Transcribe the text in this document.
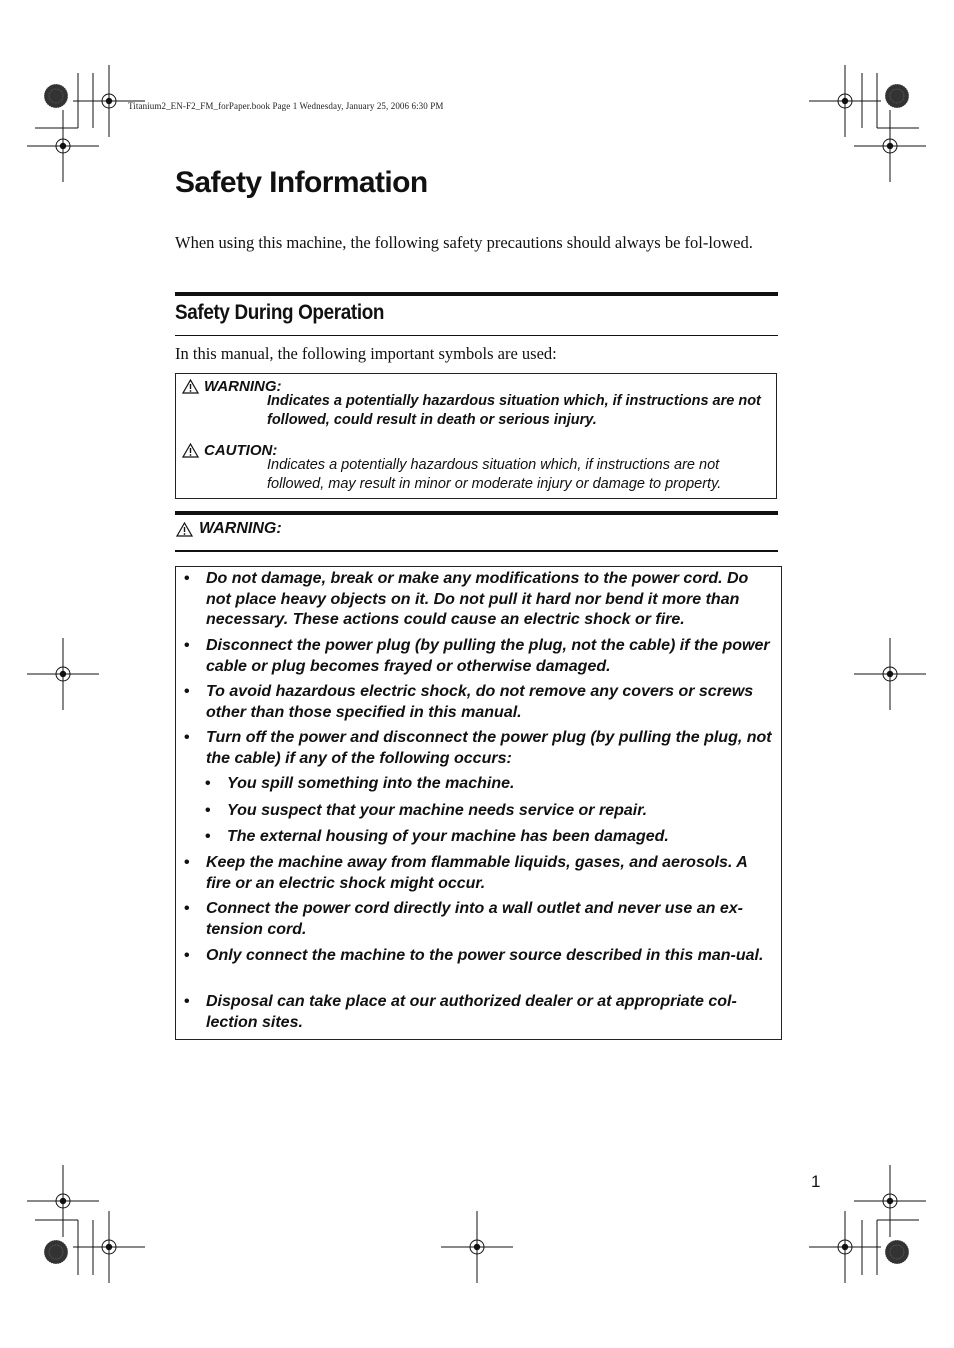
Titanium2_EN-F2_FM_forPaper.book Page 1 Wednesday, January 25, 2006 6:30 PM
Safety Information

When using this machine, the following safety precautions should always be fol-lowed.

Safety During Operation

In this manual, the following important symbols are used:

WARNING:

Indicates a potentially hazardous situation which, if instructions are not followed, could result in death or serious injury.

CAUTION:

Indicates a potentially hazardous situation which, if instructions are not followed, may result in minor or moderate injury or damage to property.

WARNING:
• Do not damage, break or make any modifications to the power cord. Do not place heavy objects on it. Do not pull it hard nor bend it more than necessary. These actions could cause an electric shock or fire.
• Disconnect the power plug (by pulling the plug, not the cable) if the power cable or plug becomes frayed or otherwise damaged.
• To avoid hazardous electric shock, do not remove any covers or screws other than those specified in this manual.
• Turn off the power and disconnect the power plug (by pulling the plug, not the cable) if any of the following occurs:
• You spill something into the machine.
• You suspect that your machine needs service or repair.
• The external housing of your machine has been damaged.
• Keep the machine away from flammable liquids, gases, and aerosols. A fire or an electric shock might occur.
• Connect the power cord directly into a wall outlet and never use an ex-tension cord.
• Only connect the machine to the power source described in this man-ual.
• Disposal can take place at our authorized dealer or at appropriate col-lection sites.
1
